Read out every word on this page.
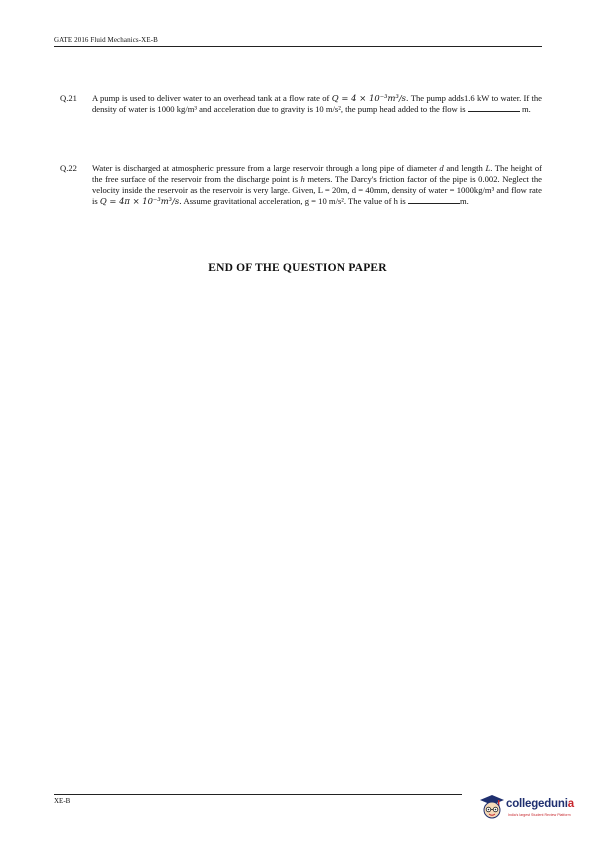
GATE 2016 Fluid Mechanics-XE-B
Q.21 A pump is used to deliver water to an overhead tank at a flow rate of Q = 4 × 10⁻³m³/s. The pump adds1.6 kW to water. If the density of water is 1000 kg/m³ and acceleration due to gravity is 10 m/s², the pump head added to the flow is	m.
Q.22 Water is discharged at atmospheric pressure from a large reservoir through a long pipe of diameter d and length L. The height of the free surface of the reservoir from the discharge point is h meters. The Darcy's friction factor of the pipe is 0.002. Neglect the velocity inside the reservoir as the reservoir is very large. Given, L = 20m, d = 40mm, density of water = 1000kg/m³ and flow rate is Q = 4π × 10⁻³m³/s. Assume gravitational acceleration, g = 10 m/s². The value of h is	m.
END OF THE QUESTION PAPER
XE-B	collegedunia
India's largest Student Review Platform
